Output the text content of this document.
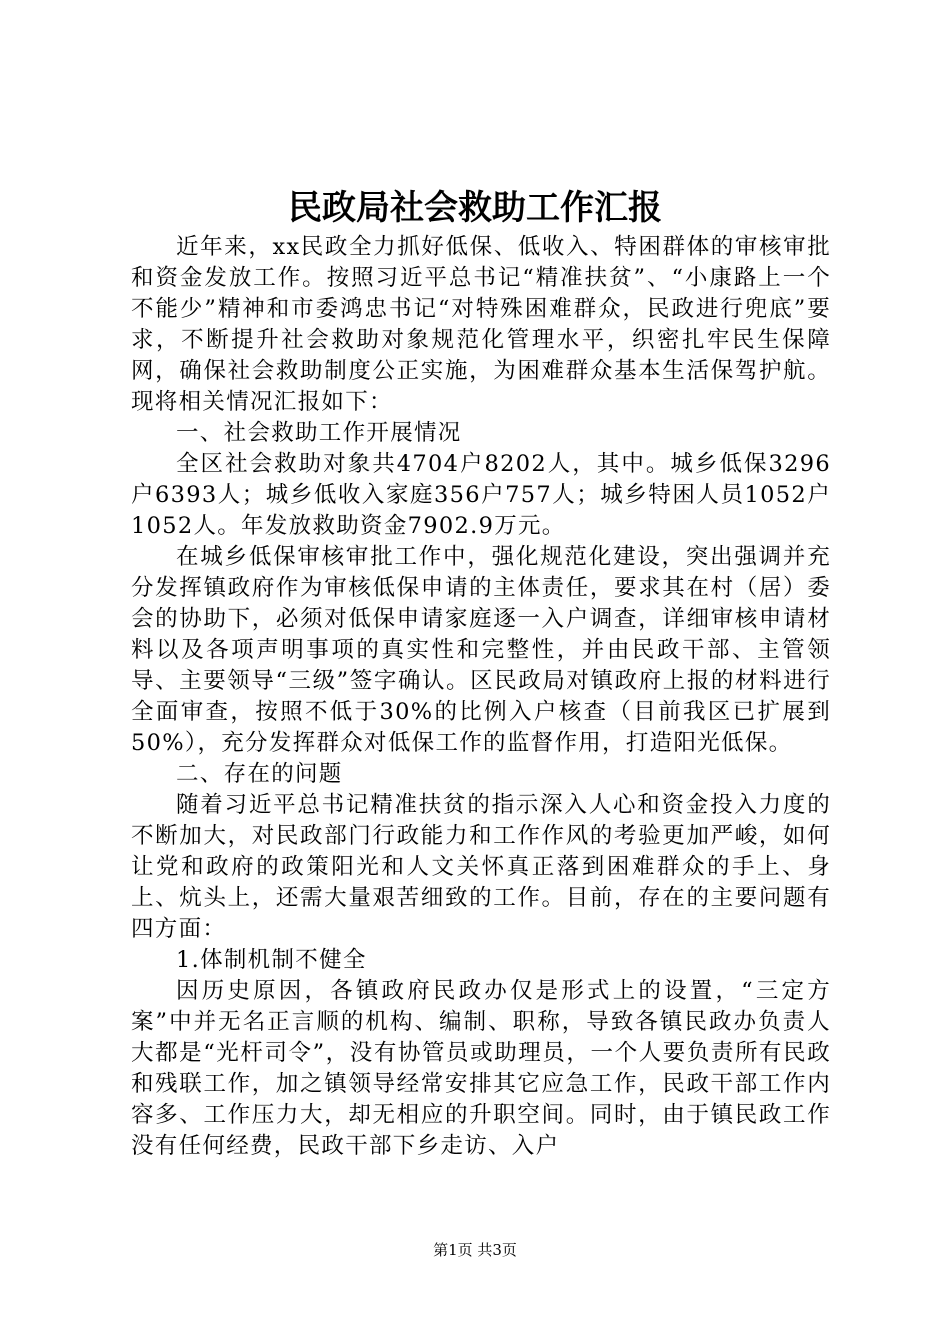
民政局社会救助工作汇报

近年来，xx民政全力抓好低保、低收入、特困群体的审核审批和资金发放工作。按照习近平总书记“精准扶贫”、“小康路上一个不能少”精神和市委鸿忠书记“对特殊困难群众，民政进行兜底”要求，不断提升社会救助对象规范化管理水平，织密扎牢民生保障网，确保社会救助制度公正实施，为困难群众基本生活保驾护航。现将相关情况汇报如下：

一、社会救助工作开展情况

全区社会救助对象共4704户8202人，其中。城乡低保3296户6393人；城乡低收入家庭356户757人；城乡特困人员1052户1052人。年发放救助资金7902.9万元。

在城乡低保审核审批工作中，强化规范化建设，突出强调并充分发挥镇政府作为审核低保申请的主体责任，要求其在村（居）委会的协助下，必须对低保申请家庭逐一入户调查，详细审核申请材料以及各项声明事项的真实性和完整性，并由民政干部、主管领导、主要领导“三级”签字确认。区民政局对镇政府上报的材料进行全面审查，按照不低于30%的比例入户核查（目前我区已扩展到50%），充分发挥群众对低保工作的监督作用，打造阳光低保。

二、存在的问题

随着习近平总书记精准扶贫的指示深入人心和资金投入力度的不断加大，对民政部门行政能力和工作作风的考验更加严峻，如何让党和政府的政策阳光和人文关怀真正落到困难群众的手上、身上、炕头上，还需大量艰苦细致的工作。目前，存在的主要问题有四方面：

1.体制机制不健全

因历史原因，各镇政府民政办仅是形式上的设置，“三定方案”中并无名正言顺的机构、编制、职称，导致各镇民政办负责人大都是“光杆司令”，没有协管员或助理员，一个人要负责所有民政和残联工作，加之镇领导经常安排其它应急工作，民政干部工作内容多、工作压力大，却无相应的升职空间。同时，由于镇民政工作没有任何经费，民政干部下乡走访、入户

第1页 共3页
